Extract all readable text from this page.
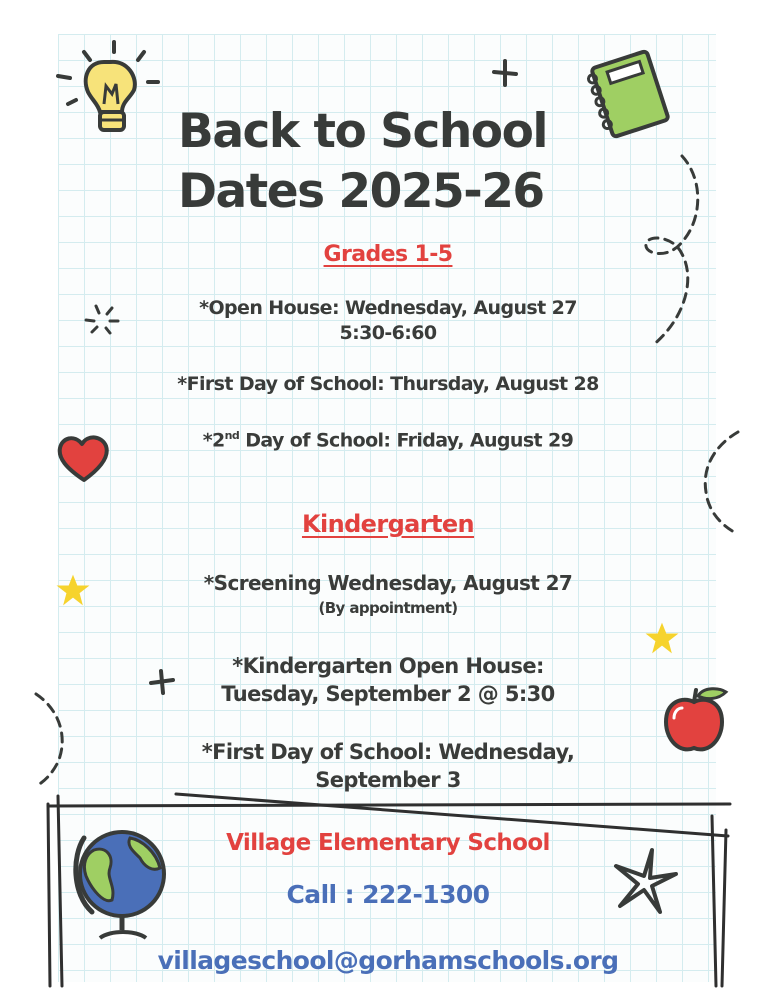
Back to School
Dates 2025-26
Grades 1-5
*Open House: Wednesday, August 27
5:30-6:60
*First Day of School: Thursday, August 28
*2nd Day of School: Friday, August 29
Kindergarten
*Screening Wednesday, August 27
(By appointment)
*Kindergarten Open House:
Tuesday, September 2 @ 5:30
*First Day of School: Wednesday,
September 3
Village Elementary School
Call : 222-1300
villageschool@gorhamschools.org
